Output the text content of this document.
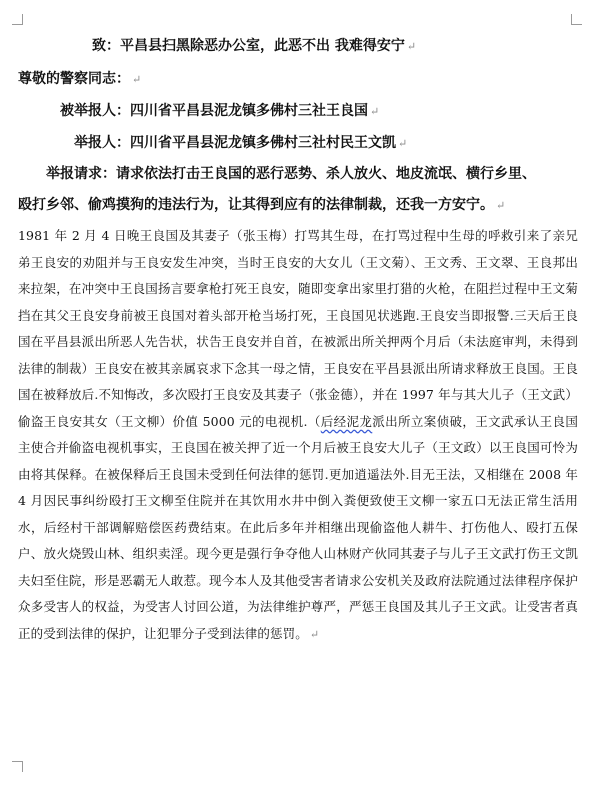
致：平昌县扫黑除恶办公室，此恶不出 我难得安宁 ↵
尊敬的警察同志： ↵
被举报人：四川省平昌县泥龙镇多佛村三社王良国 ↵
举报人：四川省平昌县泥龙镇多佛村三社村民王文凯 ↵
举报请求：请求依法打击王良国的恶行恶势、杀人放火、地皮流氓、横行乡里、
殴打乡邻、偷鸡摸狗的违法行为，让其得到应有的法律制裁，还我一方安宁。 ↵
1981 年 2 月 4 日晚王良国及其妻子（张玉梅）打骂其生母，在打骂过程中生母的呼救引来了亲兄弟王良安的劝阻并与王良安发生冲突，当时王良安的大女儿（王文菊）、王文秀、王文翠、王良邦出来拉架，在冲突中王良国扬言要拿枪打死王良安，随即变拿出家里打猎的火枪，在阻拦过程中王文菊挡在其父王良安身前被王良国对着头部开枪当场打死，王良国见状逃跑.王良安当即报警.三天后王良国在平昌县派出所恶人先告状，状告王良安并自首，在被派出所关押两个月后（未法庭审判，未得到法律的制裁）王良安在被其亲属哀求下念其一母之情，王良安在平昌县派出所请求释放王良国。王良国在被释放后.不知悔改，多次殴打王良安及其妻子（张金德），并在 1997 年与其大儿子（王文武）偷盗王良安其女（王文柳）价值 5000 元的电视机.（后经泥龙派出所立案侦破，王文武承认王良国主使合并偷盗电视机事实，王良国在被关押了近一个月后被王良安大儿子（王文政）以王良国可怜为由将其保释。在被保释后王良国未受到任何法律的惩罚.更加逍遥法外.目无王法，又相继在 2008 年 4 月因民事纠纷殴打王文柳至住院并在其饮用水井中倒入粪便致使王文柳一家五口无法正常生活用水，后经村干部调解赔偿医药费结束。在此后多年并相继出现偷盗他人耕牛、打伤他人、殴打五保户、放火烧毁山林、组织卖淫。现今更是强行争夺他人山林财产伙同其妻子与儿子王文武打伤王文凯夫妇至住院，形是恶霸无人敢惹。现今本人及其他受害者请求公安机关及政府法院通过法律程序保护众多受害人的权益，为受害人讨回公道，为法律维护尊严，严惩王良国及其儿子王文武。让受害者真正的受到法律的保护，让犯罪分子受到法律的惩罚。 ↵
